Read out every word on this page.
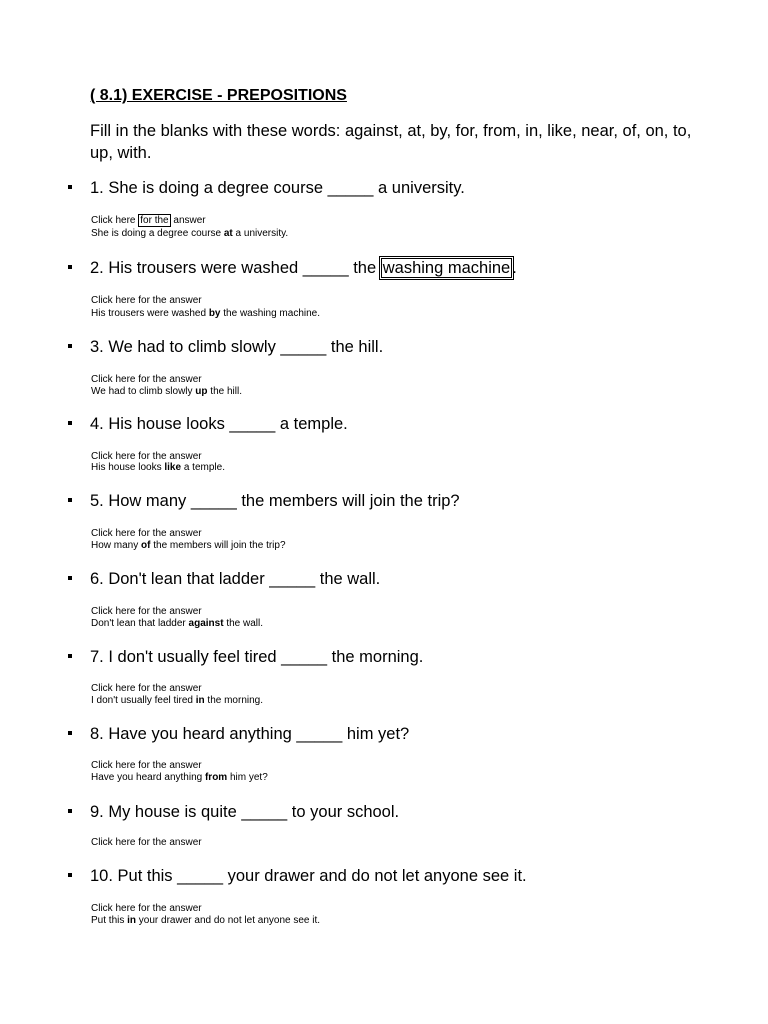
( 8.1) EXERCISE - PREPOSITIONS

Fill in the blanks with these words: against, at, by, for, from, in, like, near, of, on, to, up, with.

1. She is doing a degree course _____ a university.
Click here for the answer
She is doing a degree course at a university.
2. His trousers were washed _____ the washing machine .
Click here for the answer
His trousers were washed by the washing machine.
3. We had to climb slowly _____ the hill.
Click here for the answer
We had to climb slowly up the hill.
4. His house looks _____ a temple.
Click here for the answer
His house looks like a temple.
5. How many _____ the members will join the trip?
Click here for the answer
How many of the members will join the trip?
6. Don't lean that ladder _____ the wall.
Click here for the answer
Don't lean that ladder against the wall.
7. I don't usually feel tired _____ the morning.
Click here for the answer
I don't usually feel tired in the morning.
8. Have you heard anything _____ him yet?
Click here for the answer
Have you heard anything from him yet?
9. My house is quite _____ to your school.
Click here for the answer
10. Put this _____ your drawer and do not let anyone see it.
Click here for the answer
Put this in your drawer and do not let anyone see it.
